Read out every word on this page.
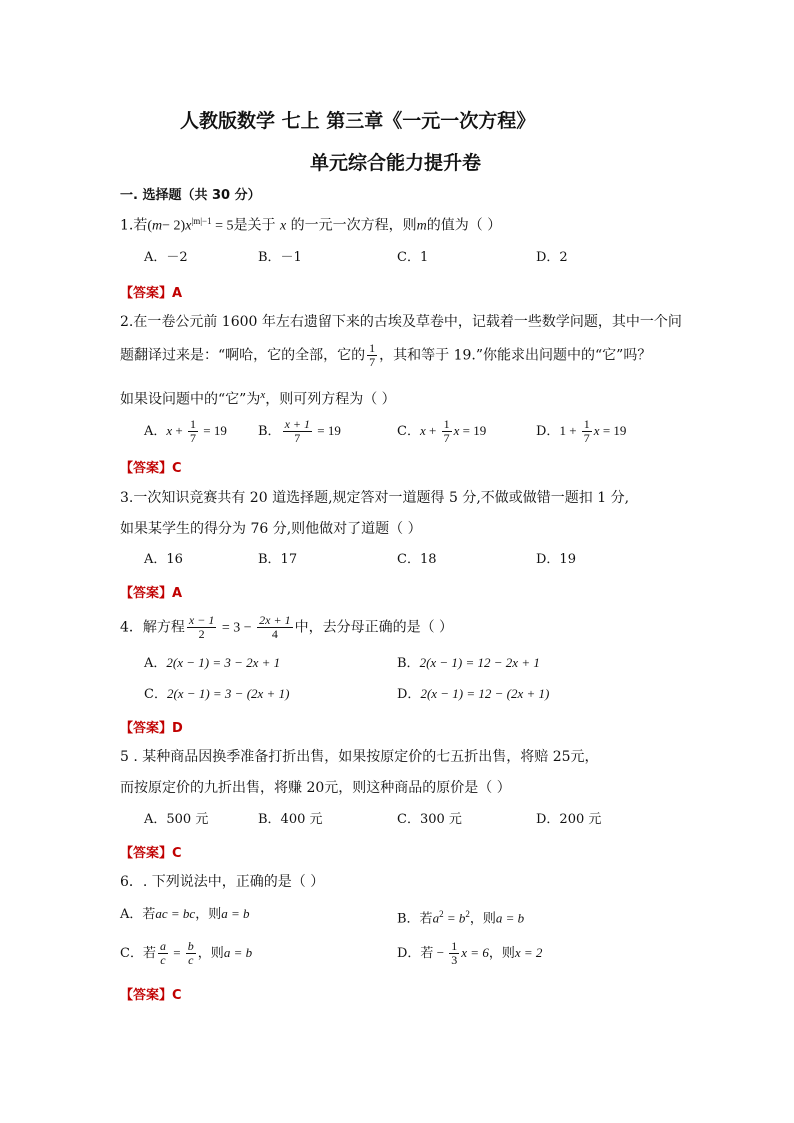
人教版数学 七上 第三章《一元一次方程》
单元综合能力提升卷
一. 选择题（共 30 分）
1.若$(m- 2)x^{|m|-1} = 5$是关于 x 的一元一次方程，则m的值为（ ）
A．－2	B．－1	C．1	D．2
【答案】A
2.在一卷公元前 1600 年左右遗留下来的古埃及草卷中，记载着一些数学问题，其中一个问
题翻译过来是：“啊哈，它的全部，它的 $\frac{1}{7}$ ，其和等于 19.”你能求出问题中的“它”吗？
如果设问题中的“它”为$^x$，则可列方程为（ ）
A．$x + \frac{1}{7} = 19$ B． $\frac{x + 1}{7} = 19$	C．$x + \frac{1}{7}$ x = 19	D．$1 + \frac{1}{7}$ x = 19
【答案】C
3.一次知识竞赛共有 20 道选择题,规定答对一道题得 5 分,不做或做错一题扣 1 分,
如果某学生的得分为 76 分,则他做对了道题（ ）
A．16	B．17	C．18	D．19
【答案】A
4．解方程 $\frac{x - 1}{2} = 3 - \frac{2x + 1}{4}$ 中，去分母正确的是（ ）
A．2(x − 1) = 3 − 2x + 1	B．2(x − 1) = 12 − 2x + 1
C．2(x − 1) = 3 − (2x + 1)	D．2(x − 1) = 12 − (2x + 1)
【答案】D
5 . 某种商品因换季准备打折出售，如果按原定价的七五折出售，将赔 25元，
而按原定价的九折出售，将赚 20元，则这种商品的原价是（ ）
A．500 元	B．400 元	C．300 元	D．200 元
【答案】C
6．. 下列说法中，正确的是（ ）
A．若ac = bc，则a = b	B．若$a^2 = b^2$，则a = b
C．若 $\frac{a}{c} = \frac{b}{c}$ ，则a = b	D．若 − $\frac{1}{3}$ x = 6，则x = 2
【答案】C
